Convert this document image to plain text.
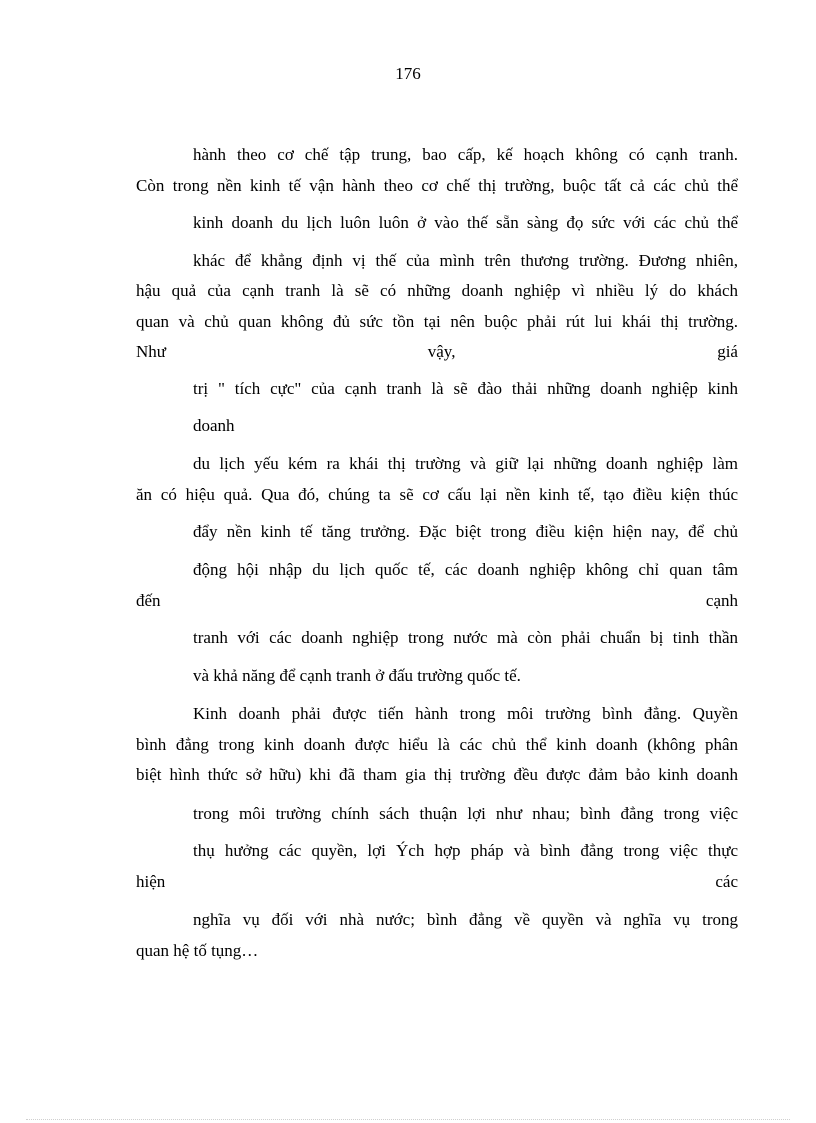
176
hành theo cơ chế tập trung, bao cấp, kế hoạch không có cạnh tranh.
Còn trong nền kinh tế vận hành theo cơ chế thị trường, buộc tất cả các chủ thể
kinh doanh du lịch luôn luôn ở vào thế sẵn sàng đọ sức với các chủ thể
khác để khẳng định vị thế của mình trên thương trường. Đương nhiên,
hậu quả của cạnh tranh là sẽ có những doanh nghiệp vì nhiều lý do khách
quan và chủ quan không đủ sức tồn tại nên buộc phải rút lui khái thị trường.
Như	vậy,	giá
trị " tích cực" của cạnh tranh là sẽ đào thải những doanh nghiệp kinh
doanh
du lịch yếu kém ra khái thị trường và giữ lại những doanh nghiệp làm
ăn có hiệu quả. Qua đó, chúng ta sẽ cơ cấu lại nền kinh tế, tạo điều kiện thúc
đẩy nền kinh tế tăng trưởng. Đặc biệt trong điều kiện hiện nay, để chủ
động hội nhập du lịch quốc tế, các doanh nghiệp không chỉ quan tâm
đến	cạnh
tranh với các doanh nghiệp trong nước mà còn phải chuẩn bị tinh thần
và khả năng để cạnh tranh ở đấu trường quốc tế.
Kinh doanh phải được tiến hành trong môi trường bình đẳng. Quyền
bình đẳng trong kinh doanh được hiểu là các chủ thể kinh doanh (không phân
biệt hình thức sở hữu) khi đã tham gia thị trường đều được đảm bảo kinh doanh
trong môi trường chính sách thuận lợi như nhau; bình đẳng trong việc
thụ hưởng các quyền, lợi Ých hợp pháp và bình đẳng trong việc thực
hiện	các
nghĩa vụ đối với nhà nước; bình đẳng về quyền và nghĩa vụ trong
quan hệ tố tụng…
